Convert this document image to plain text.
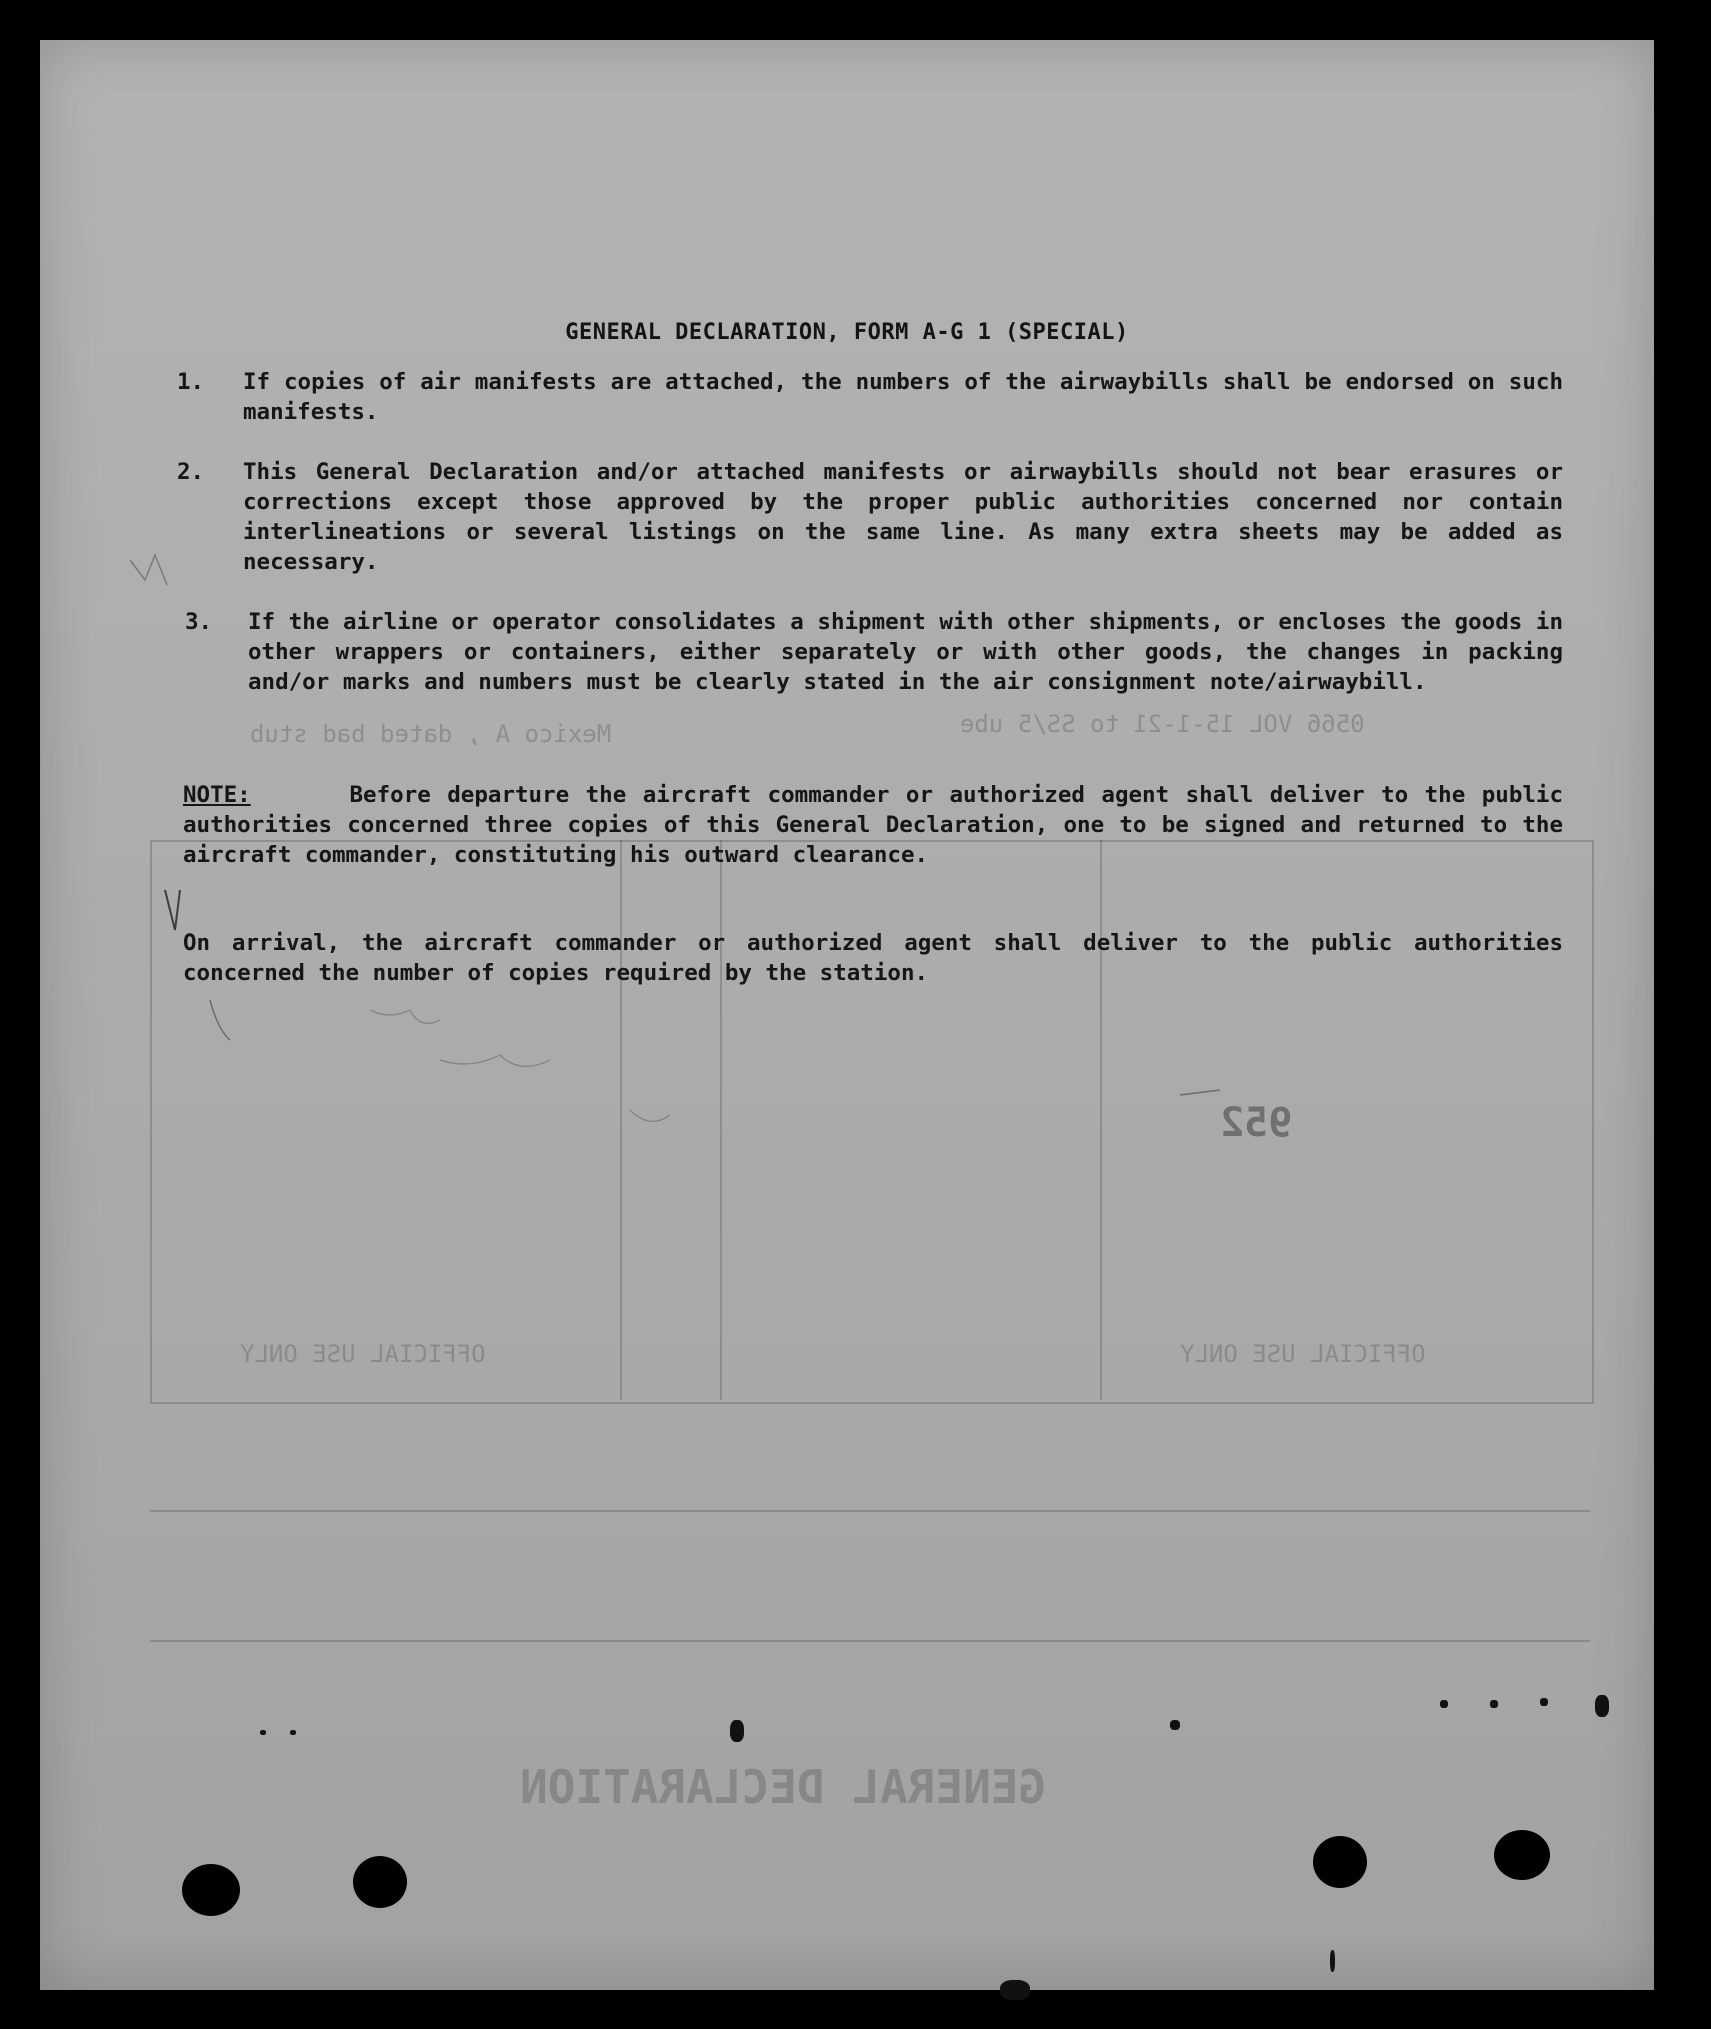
0566 VOL 15-1-21 to SS/5 ube
Mexico A , dated bad stub
952
OFFICIAL USE ONLY
OFFICIAL USE ONLY
GENERAL DECLARATION
GENERAL DECLARATION, FORM A-G 1 (SPECIAL)
1. If copies of air manifests are attached, the numbers of the airwaybills shall be endorsed on such manifests.
2. This General Declaration and/or attached manifests or airwaybills should not bear erasures or corrections except those approved by the proper public authorities concerned nor contain interlineations or several listings on the same line. As many extra sheets may be added as necessary.
3. If the airline or operator consolidates a shipment with other shipments, or encloses the goods in other wrappers or containers, either separately or with other goods, the changes in packing and/or marks and numbers must be clearly stated in the air consignment note/airwaybill.
NOTE:	Before departure the aircraft commander or authorized agent shall deliver to the public authorities concerned three copies of this General Declaration, one to be signed and returned to the aircraft commander, constituting his outward clearance.
On arrival, the aircraft commander or authorized agent shall deliver to the public authorities concerned the number of copies required by the station.
